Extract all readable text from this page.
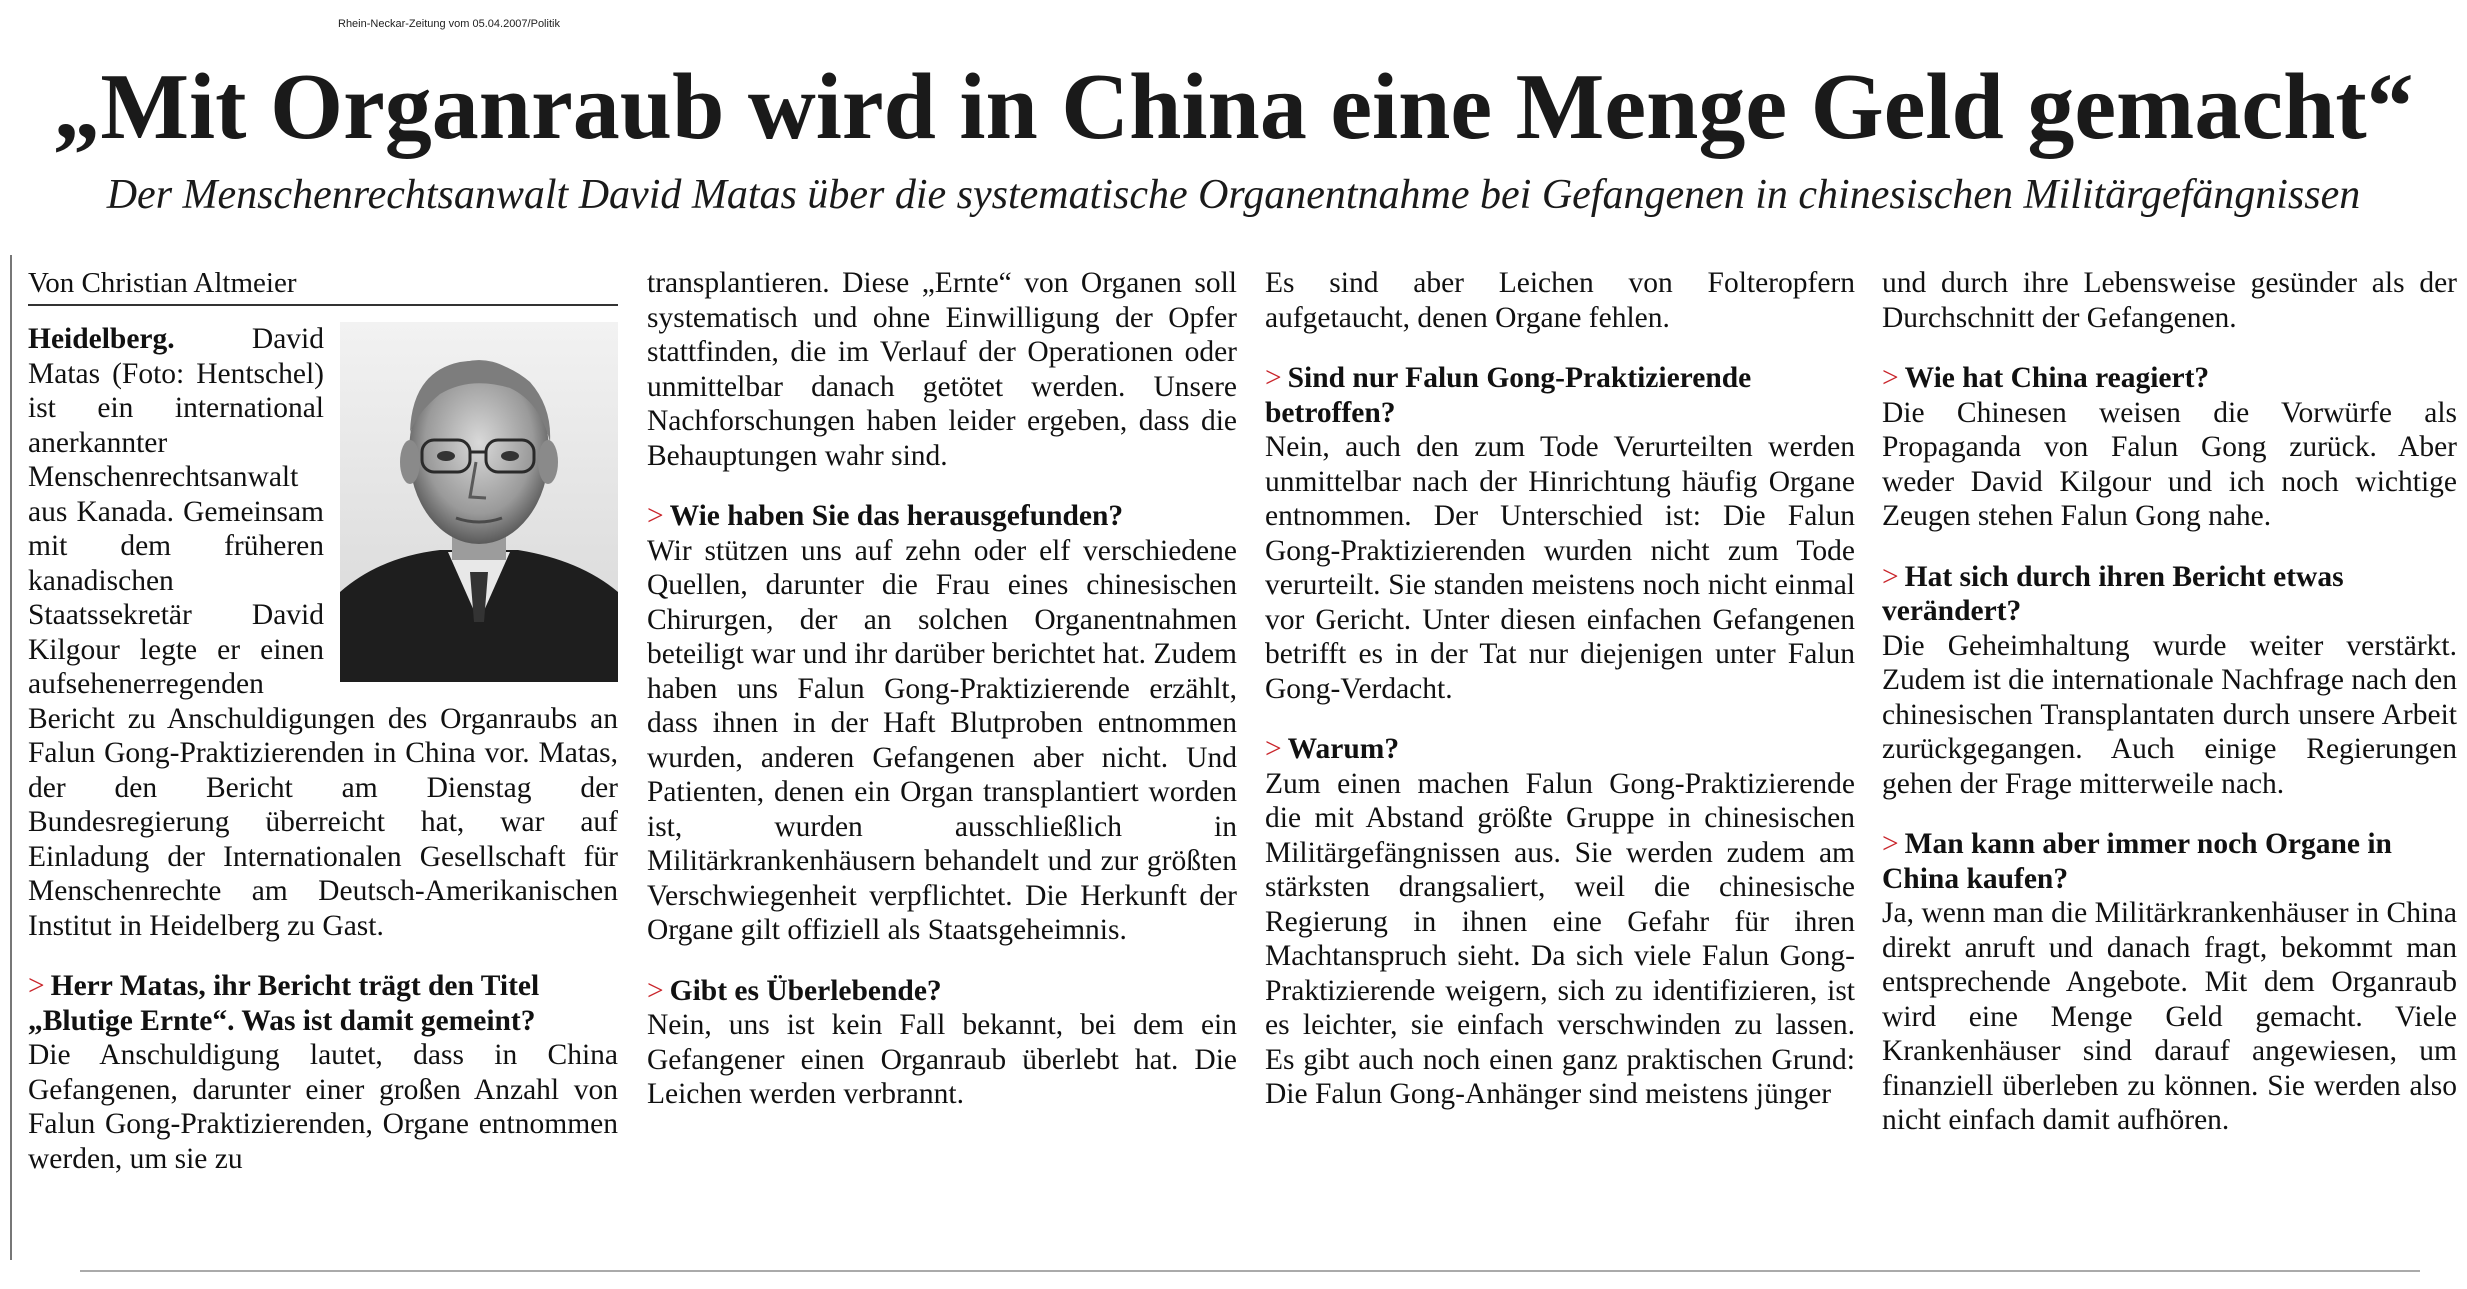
Rhein-Neckar-Zeitung vom 05.04.2007/Politik
„Mit Organraub wird in China eine Menge Geld gemacht“
Der Menschenrechtsanwalt David Matas über die systematische Organentnahme bei Gefangenen in chinesischen Militärgefängnissen
Von Christian Altmeier

Heidelberg.	David Matas (Foto: Hentschel) ist ein international anerkannter Menschenrechtsanwalt aus Kanada. Gemeinsam mit dem früheren kanadischen Staatssekretär David Kilgour legte er einen aufsehenerregenden Bericht zu Anschuldigungen des Organraubs an Falun Gong-Praktizierenden in China vor. Matas, der den Bericht am Dienstag der Bundesregierung überreicht hat, war auf Einladung der Internationalen Gesellschaft für Menschenrechte am Deutsch-Amerikanischen Institut in Heidelberg zu Gast.

> Herr Matas, ihr Bericht trägt den Titel „Blutige Ernte“. Was ist damit gemeint?

Die Anschuldigung lautet, dass in China Gefangenen, darunter einer großen Anzahl von Falun Gong-Praktizierenden, Organe entnommen werden, um sie zu

transplantieren. Diese „Ernte“ von Organen soll systematisch und ohne Einwilligung der Opfer stattfinden, die im Verlauf der Operationen oder unmittelbar danach getötet werden. Unsere Nachforschungen haben leider ergeben, dass die Behauptungen wahr sind.

> Wie haben Sie das herausgefunden?

Wir stützen uns auf zehn oder elf verschiedene Quellen, darunter die Frau eines chinesischen Chirurgen, der an solchen Organentnahmen beteiligt war und ihr darüber berichtet hat. Zudem haben uns Falun Gong-Praktizierende erzählt, dass ihnen in der Haft Blutproben entnommen wurden, anderen Gefangenen aber nicht. Und Patienten, denen ein Organ transplantiert worden ist, wurden ausschließlich in Militärkrankenhäusern behandelt und zur größten Verschwiegenheit verpflichtet. Die Herkunft der Organe gilt offiziell als Staatsgeheimnis.

> Gibt es Überlebende?

Nein, uns ist kein Fall bekannt, bei dem ein Gefangener einen Organraub überlebt hat. Die Leichen werden verbrannt.

Es sind aber Leichen von Folteropfern aufgetaucht, denen Organe fehlen.

> Sind nur Falun Gong-Praktizierende betroffen?

Nein, auch den zum Tode Verurteilten werden unmittelbar nach der Hinrichtung häufig Organe entnommen. Der Unterschied ist: Die Falun Gong-Praktizierenden wurden nicht zum Tode verurteilt. Sie standen meistens noch nicht einmal vor Gericht. Unter diesen einfachen Gefangenen betrifft es in der Tat nur diejenigen unter Falun Gong-Verdacht.

> Warum?

Zum einen machen Falun Gong-Praktizierende die mit Abstand größte Gruppe in chinesischen Militärgefängnissen aus. Sie werden zudem am stärksten drangsaliert, weil die chinesische Regierung in ihnen eine Gefahr für ihren Machtanspruch sieht. Da sich viele Falun Gong-Praktizierende weigern, sich zu identifizieren, ist es leichter, sie einfach verschwinden zu lassen. Es gibt auch noch einen ganz praktischen Grund: Die Falun Gong-Anhänger sind meistens jünger

und durch ihre Lebensweise gesünder als der Durchschnitt der Gefangenen.

> Wie hat China reagiert?

Die Chinesen weisen die Vorwürfe als Propaganda von Falun Gong zurück. Aber weder David Kilgour und ich noch wichtige Zeugen stehen Falun Gong nahe.

> Hat sich durch ihren Bericht etwas verändert?

Die Geheimhaltung wurde weiter verstärkt. Zudem ist die internationale Nachfrage nach den chinesischen Transplantaten durch unsere Arbeit zurückgegangen. Auch einige Regierungen gehen der Frage mitterweile nach.

> Man kann aber immer noch Organe in China kaufen?

Ja, wenn man die Militärkrankenhäuser in China direkt anruft und danach fragt, bekommt man entsprechende Angebote. Mit dem Organraub wird eine Menge Geld gemacht. Viele Krankenhäuser sind darauf angewiesen, um finanziell überleben zu können. Sie werden also nicht einfach damit aufhören.
